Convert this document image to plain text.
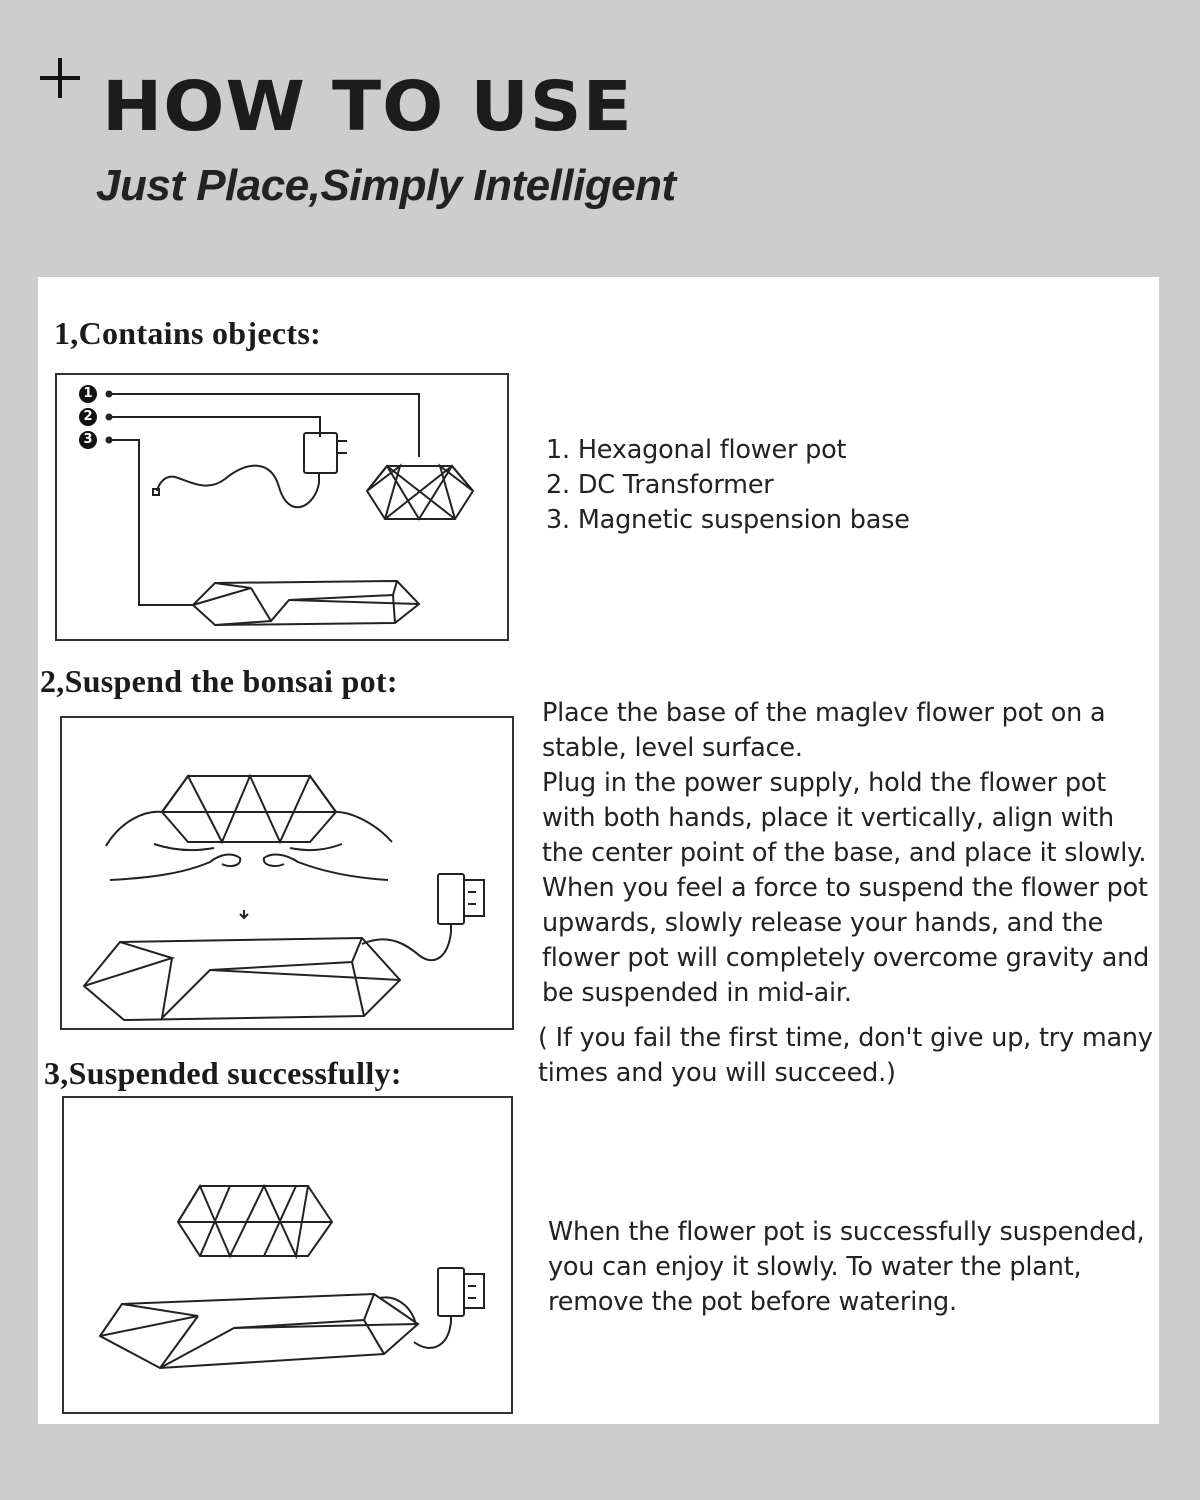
HOW TO USE
Just Place,Simply Intelligent
1,Contains objects:
1
2
3	1. Hexagonal flower pot

2. DC Transformer

3. Magnetic suspension base

2,Suspend the bonsai pot:

Place the base of the maglev flower pot on a stable, level surface.

Plug in the power supply, hold the flower pot with both hands, place it vertically, align with the center point of the base, and place it slowly. When you feel a force to suspend the flower pot upwards, slowly release your hands, and the flower pot will completely overcome gravity and be suspended in mid-air.

( If you fail the first time, don't give up, try many times and you will succeed.)

3,Suspended successfully:

When the flower pot is successfully suspended, you can enjoy it slowly. To water the plant, remove the pot before watering.
